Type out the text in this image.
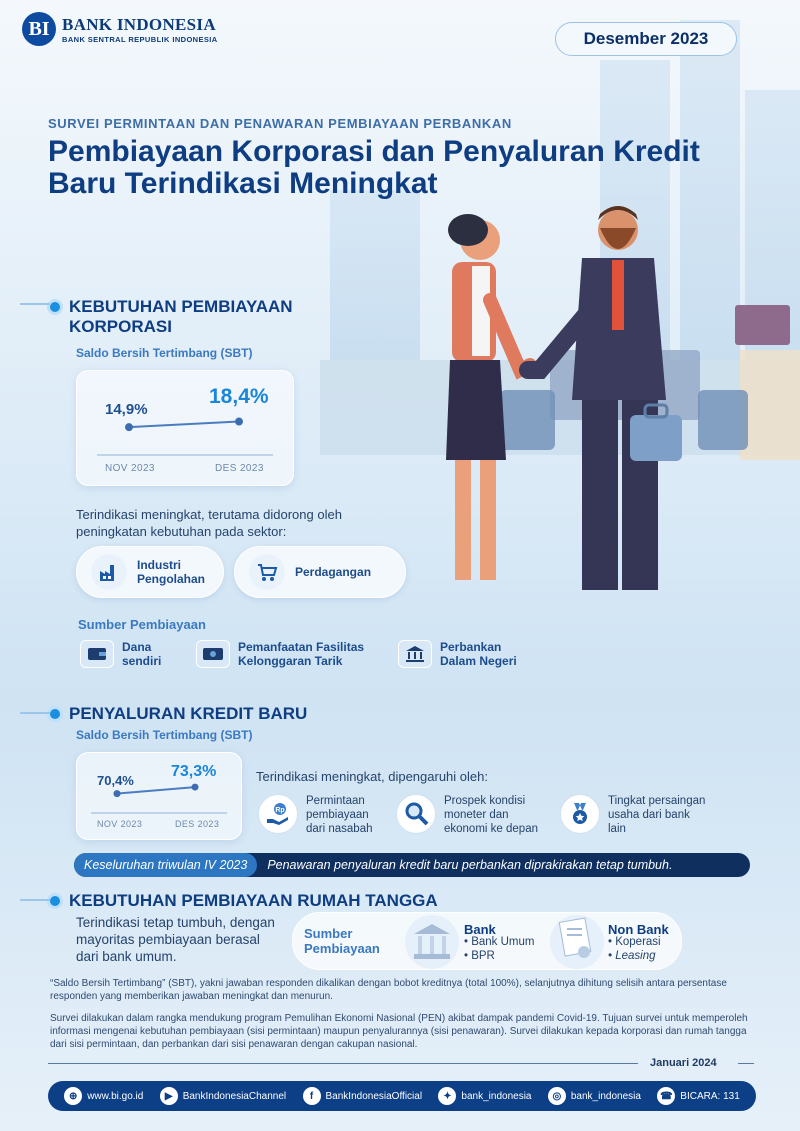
BI BANK INDONESIA
BANK SENTRAL REPUBLIK INDONESIA	Desember 2023
SURVEI PERMINTAAN DAN PENAWARAN PEMBIAYAAN PERBANKAN
Pembiayaan Korporasi dan Penyaluran Kredit Baru Terindikasi Meningkat
KEBUTUHAN PEMBIAYAAN KORPORASI
Saldo Bersih Tertimbang (SBT)
14,9%
18,4%
NOV 2023	DES 2023
Terindikasi meningkat, terutama didorong oleh peningkatan kebutuhan pada sektor:
Industri Pengolahan	Perdagangan
Sumber Pembiayaan
Dana sendiri
Pemanfaatan Fasilitas Kelonggaran Tarik
Perbankan Dalam Negeri
PENYALURAN KREDIT BARU
Saldo Bersih Tertimbang (SBT)
70,4%
73,3%
NOV 2023	DES 2023
Terindikasi meningkat, dipengaruhi oleh:
Rp
Permintaan pembiayaan dari nasabah
Prospek kondisi moneter dan ekonomi ke depan
Tingkat persaingan usaha dari bank lain
Keseluruhan triwulan IV 2023	Penawaran penyaluran kredit baru perbankan diprakirakan tetap tumbuh.
KEBUTUHAN PEMBIAYAAN RUMAH TANGGA
Terindikasi tetap tumbuh, dengan mayoritas pembiayaan berasal dari bank umum.
Sumber Pembiayaan
Bank
• Bank Umum
• BPR
Non Bank
• Koperasi
• Leasing
“Saldo Bersih Tertimbang” (SBT), yakni jawaban responden dikalikan dengan bobot kreditnya (total 100%), selanjutnya dihitung selisih antara persentase responden yang memberikan jawaban meningkat dan menurun.
Survei dilakukan dalam rangka mendukung program Pemulihan Ekonomi Nasional (PEN) akibat dampak pandemi Covid-19. Tujuan survei untuk memperoleh informasi mengenai kebutuhan pembiayaan (sisi permintaan) maupun penyalurannya (sisi penawaran). Survei dilakukan kepada korporasi dan rumah tangga dari sisi permintaan, dan perbankan dari sisi penawaran dengan cakupan nasional.
Januari 2024
⊕ www.bi.go.id	▶	BankIndonesiaChannel	f	BankIndonesiaOfficial	✦ bank_indonesia	◎ bank_indonesia ☎ BICARA: 131
